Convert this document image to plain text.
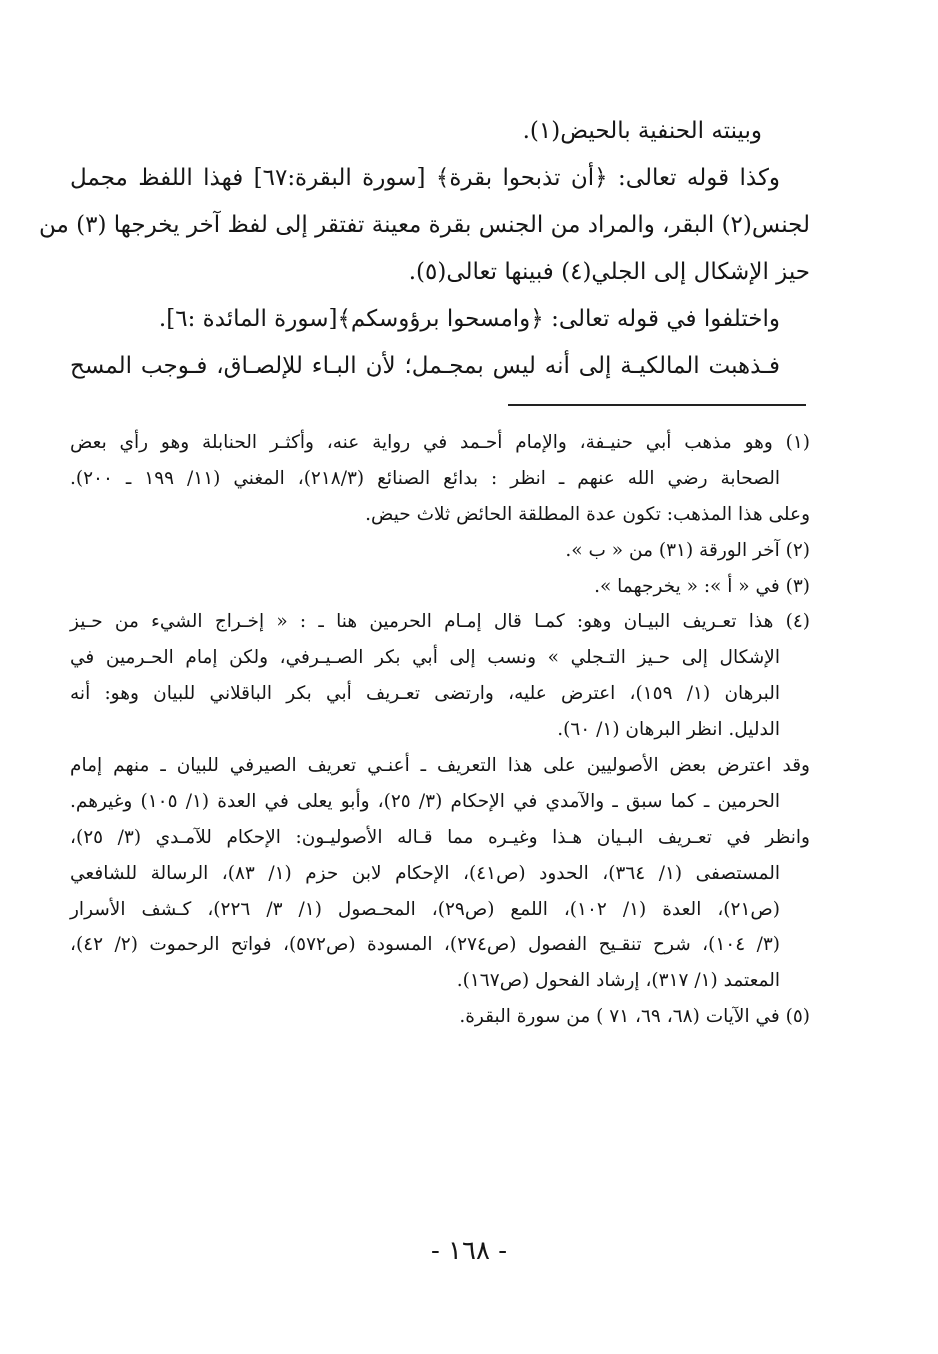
وبينته الحنفية بالحيض(١).
وكذا قوله تعالى: ﴿أن تذبحوا بقرة﴾ [سورة البقرة:٦٧] فهذا اللفظ مجمل
لجنس(٢) البقر، والمراد من الجنس بقرة معينة تفتقر إلى لفظ آخر يخرجها (٣) من
حيز الإشكال إلى الجلي(٤) فبينها تعالى(٥).
واختلفوا في قوله تعالى: ﴿وامسحوا برؤوسكم﴾[سورة المائدة :٦].
فـذهبت المالكيـة إلى أنه ليس بمجـمل؛ لأن البـاء للإلصـاق، فـوجب المسح
(١) وهو مذهب أبي حنيـفة، والإمام أحـمد في رواية عنه، وأكثـر الحنابلة وهو رأي بعض
الصحابة رضي الله عنهم ـ انظر : بدائع الصنائع (٢١٨/٣)، المغني (١١/ ١٩٩ ـ ٢٠٠).
وعلى هذا المذهب: تكون عدة المطلقة الحائض ثلاث حيض.
(٢) آخر الورقة (٣١) من « ب ».
(٣) في « أ »: « يخرجهما ».
(٤) هذا تعـريف البيـان وهو: كمـا قال إمـام الحرمين هنا ـ : « إخـراج الشيء من حـيز
الإشكال إلى حـيز التـجلي » ونسب إلى أبي بكر الصـيـرفي، ولكن إمام الحـرمين في
البرهان (١/ ١٥٩)، اعترض عليه، وارتضى تعـريف أبي بكر الباقلاني للبيان وهو: أنه
الدليل. انظر البرهان (١/ ٦٠).
وقد اعترض بعض الأصوليين على هذا التعريف ـ أعنـي تعريف الصيرفي للبيان ـ منهم إمام
الحرمين ـ كما سبق ـ والآمدي في الإحكام (٣/ ٢٥)، وأبو يعلى في العدة (١/ ١٠٥) وغيرهم.
وانظر في تعـريف البـيان هـذا وغيـره مما قـاله الأصوليـون: الإحكام للآمـدي (٣/ ٢٥)،
المستصفى (١/ ٣٦٤)، الحدود (ص٤١)، الإحكام لابن حزم (١/ ٨٣)، الرسالة للشافعي
(ص٢١)، العدة (١/ ١٠٢)، اللمع (ص٢٩)، المحـصول (١/ ٣/ ٢٢٦)، كـشف الأسرار
(٣/ ١٠٤)، شرح تنقـيح الفصول (ص٢٧٤)، المسودة (ص٥٧٢)، فواتح الرحموت (٢/ ٤٢)،
المعتمد (١/ ٣١٧)، إرشاد الفحول (ص١٦٧).
(٥) في الآيات (٦٨، ٦٩، ٧١ ) من سورة البقرة.
- ١٦٨ -
